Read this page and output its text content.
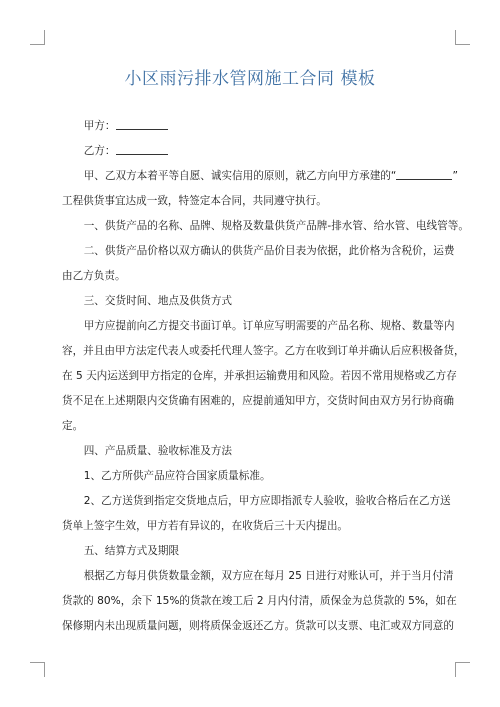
小区雨污排水管网施工合同 模板

甲方：

乙方：

甲、乙双方本着平等自愿、诚实信用的原则，就乙方向甲方承建的“	”

工程供货事宜达成一致，特签定本合同，共同遵守执行。

一、供货产品的名称、品牌、规格及数量供货产品牌-排水管、给水管、电线管等。

二、供货产品价格以双方确认的供货产品价目表为依据，此价格为含税价，运费

由乙方负责。

三、交货时间、地点及供货方式

甲方应提前向乙方提交书面订单。订单应写明需要的产品名称、规格、数量等内

容，并且由甲方法定代表人或委托代理人签字。乙方在收到订单并确认后应积极备货，

在 5 天内运送到甲方指定的仓库，并承担运输费用和风险。若因不常用规格或乙方存

货不足在上述期限内交货确有困难的，应提前通知甲方，交货时间由双方另行协商确

定。

四、产品质量、验收标准及方法

1、乙方所供产品应符合国家质量标准。

2、乙方送货到指定交货地点后，甲方应即指派专人验收，验收合格后在乙方送

货单上签字生效，甲方若有异议的，在收货后三十天内提出。

五、结算方式及期限

根据乙方每月供货数量金额，双方应在每月 25 日进行对账认可，并于当月付清

货款的 80%，余下 15%的货款在竣工后 2 月内付清，质保金为总货款的 5%，如在

保修期内未出现质量问题，则将质保金返还乙方。货款可以支票、电汇或双方同意的
